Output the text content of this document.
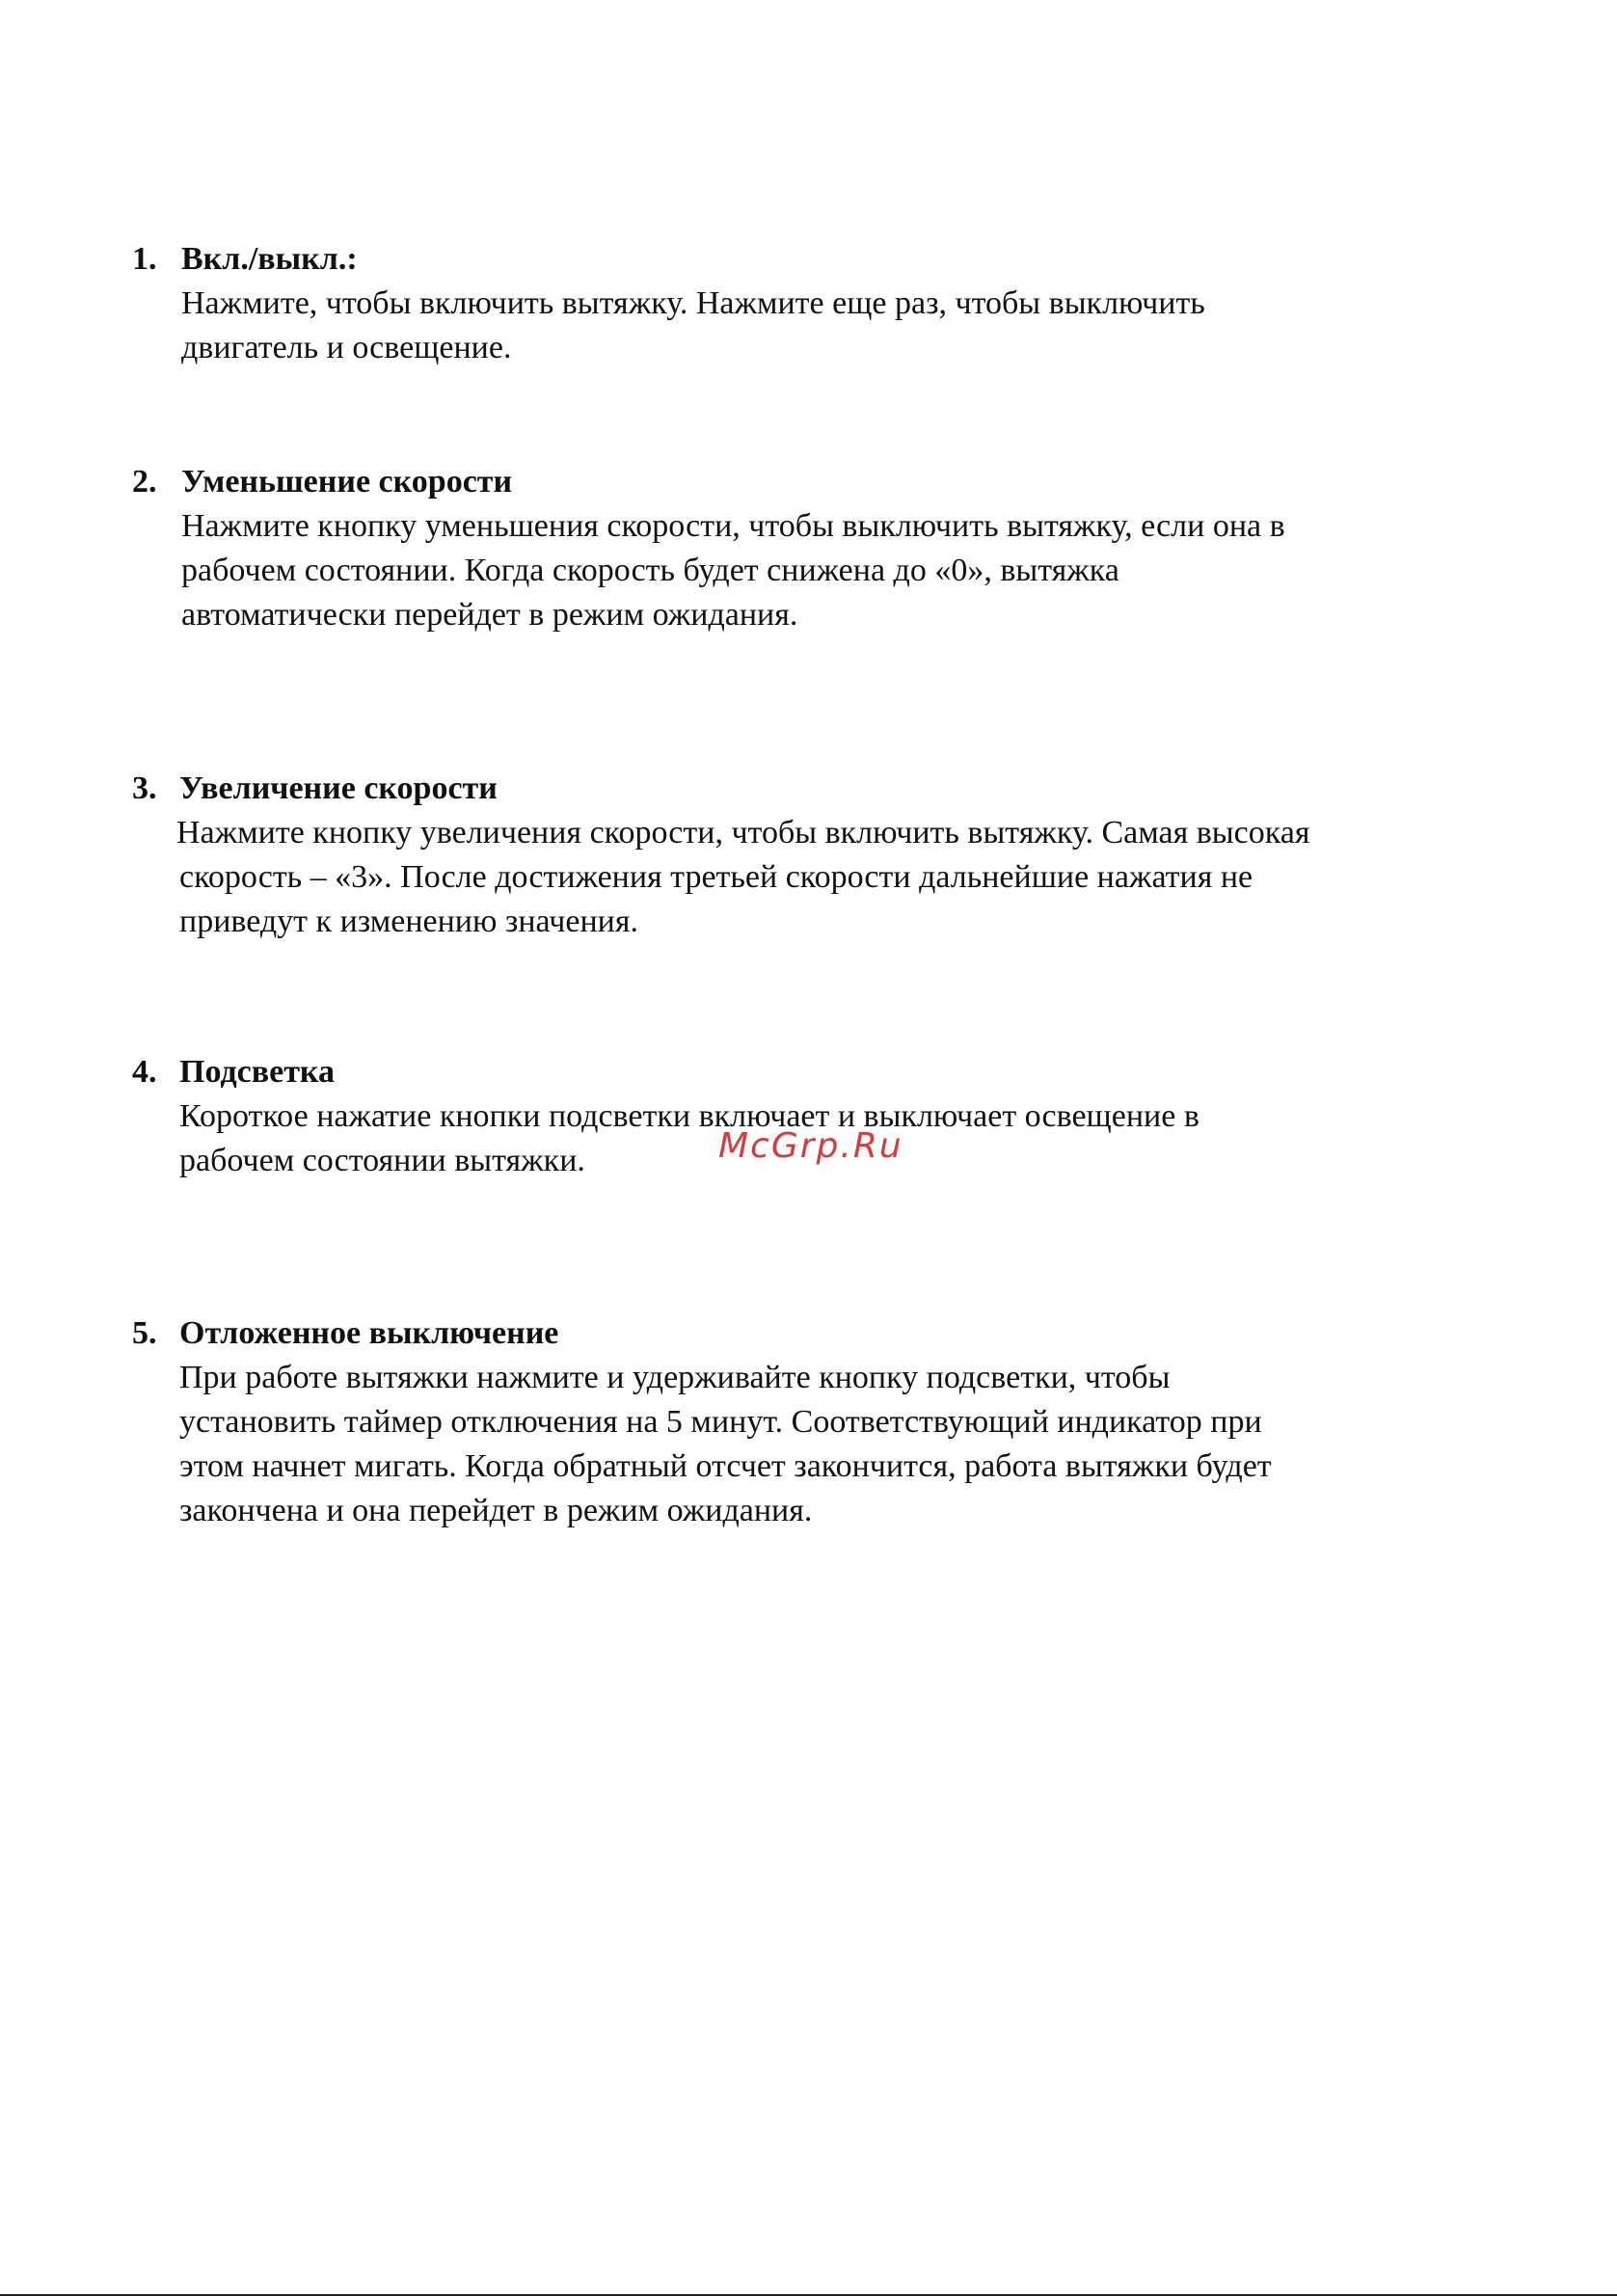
1. Вкл./выкл.:
Нажмите, чтобы включить вытяжку. Нажмите еще раз, чтобы выключить
двигатель и освещение.
2. Уменьшение скорости
Нажмите кнопку уменьшения скорости, чтобы выключить вытяжку, если она в
рабочем состоянии. Когда скорость будет снижена до «0», вытяжка
автоматически перейдет в режим ожидания.
3. Увеличение скорости
Нажмите кнопку увеличения скорости, чтобы включить вытяжку. Самая высокая
скорость – «3». После достижения третьей скорости дальнейшие нажатия не
приведут к изменению значения.
4. Подсветка
Короткое нажатие кнопки подсветки включает и выключает освещение в
рабочем состоянии вытяжки.
5. Отложенное выключение
При работе вытяжки нажмите и удерживайте кнопку подсветки, чтобы
установить таймер отключения на 5 минут. Соответствующий индикатор при
этом начнет мигать. Когда обратный отсчет закончится, работа вытяжки будет
закончена и она перейдет в режим ожидания.
McGrp.Ru
